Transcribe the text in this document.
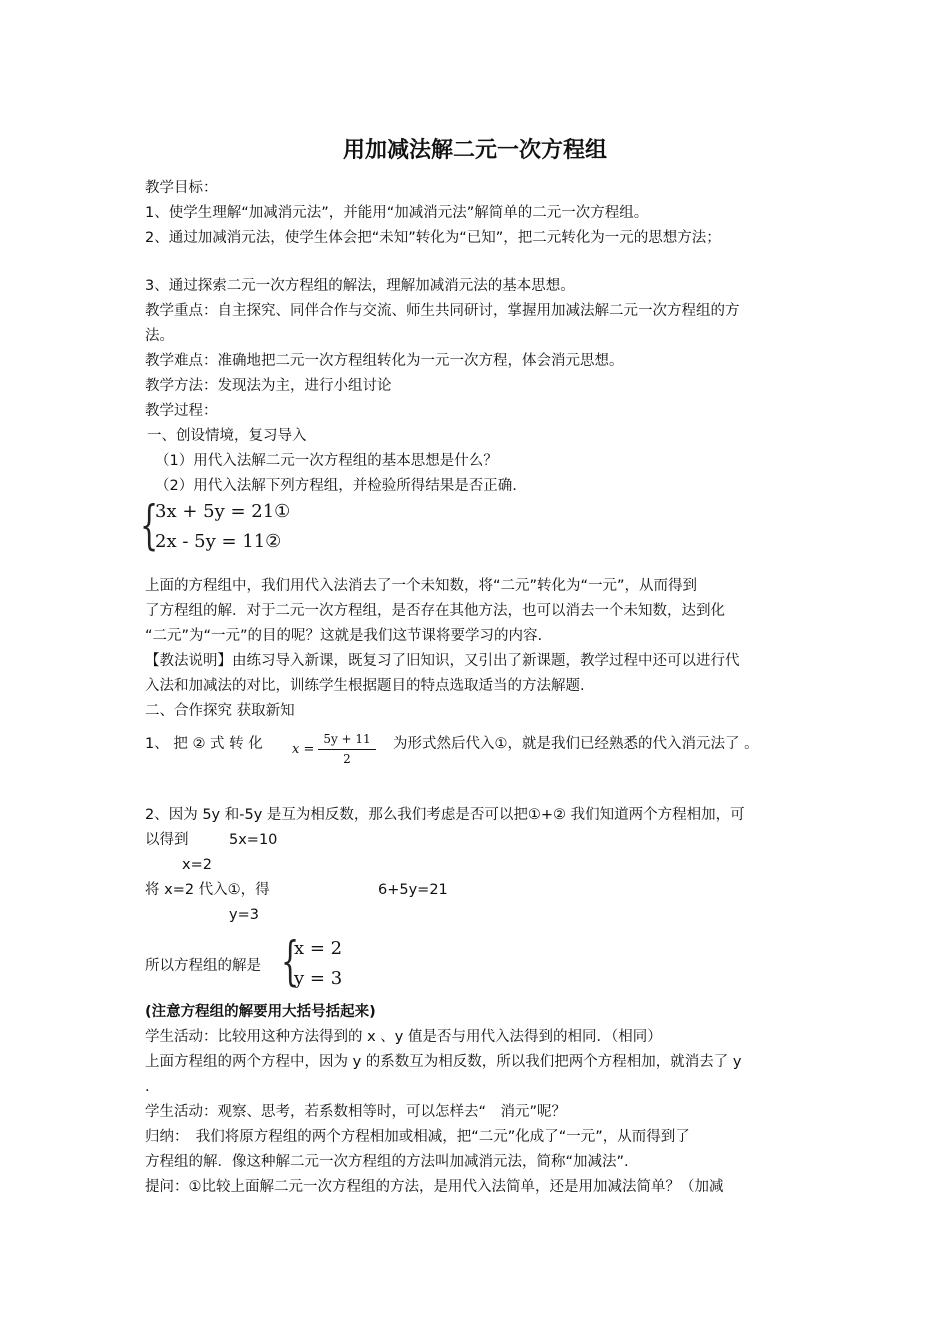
用加减法解二元一次方程组
教学目标：
1、使学生理解“加减消元法”，并能用“加减消元法”解简单的二元一次方程组。
2、通过加减消元法，使学生体会把“未知”转化为“已知”，把二元转化为一元的思想方法；
3、通过探索二元一次方程组的解法，理解加减消元法的基本思想。
教学重点：自主探究、同伴合作与交流、师生共同研讨，掌握用加减法解二元一次方程组的方
法。
教学难点：准确地把二元一次方程组转化为一元一次方程，体会消元思想。
教学方法：发现法为主，进行小组讨论
教学过程：
一、创设情境，复习导入
（1）用代入法解二元一次方程组的基本思想是什么？
（2）用代入法解下列方程组，并检验所得结果是否正确.
{
3x + 5y = 21①
2x - 5y = 11②
上面的方程组中，我们用代入法消去了一个未知数，将“二元”转化为“一元”，从而得到
了方程组的解．对于二元一次方程组，是否存在其他方法，也可以消去一个未知数，达到化
“二元”为“一元”的目的呢？这就是我们这节课将要学习的内容.
【教法说明】由练习导入新课，既复习了旧知识，又引出了新课题，教学过程中还可以进行代
入法和加减法的对比，训练学生根据题目的特点选取适当的方法解题.
二、合作探究 获取新知
1、 把 ② 式 转 化 x =
5y + 11
2
为形式然后代入①，就是我们已经熟悉的代入消元法了 。
2、因为 5y 和-5y 是互为相反数，那么我们考虑是否可以把①+② 我们知道两个方程相加，可
以得到	5x=10
x=2
将 x=2 代入①，得	6+5y=21
y=3
所以方程组的解是 {
x = 2
y = 3
(注意方程组的解要用大括号括起来)
学生活动：比较用这种方法得到的 x 、y 值是否与用代入法得到的相同．（相同）
上面方程组的两个方程中，因为 y 的系数互为相反数，所以我们把两个方程相加，就消去了 y
.
学生活动：观察、思考，若系数相等时，可以怎样去“　消元”呢？
归纳：　我们将原方程组的两个方程相加或相减，把“二元”化成了“一元”，从而得到了
方程组的解．像这种解二元一次方程组的方法叫加减消元法，简称“加减法”.
提问：①比较上面解二元一次方程组的方法，是用代入法简单，还是用加减法简单？（加减
